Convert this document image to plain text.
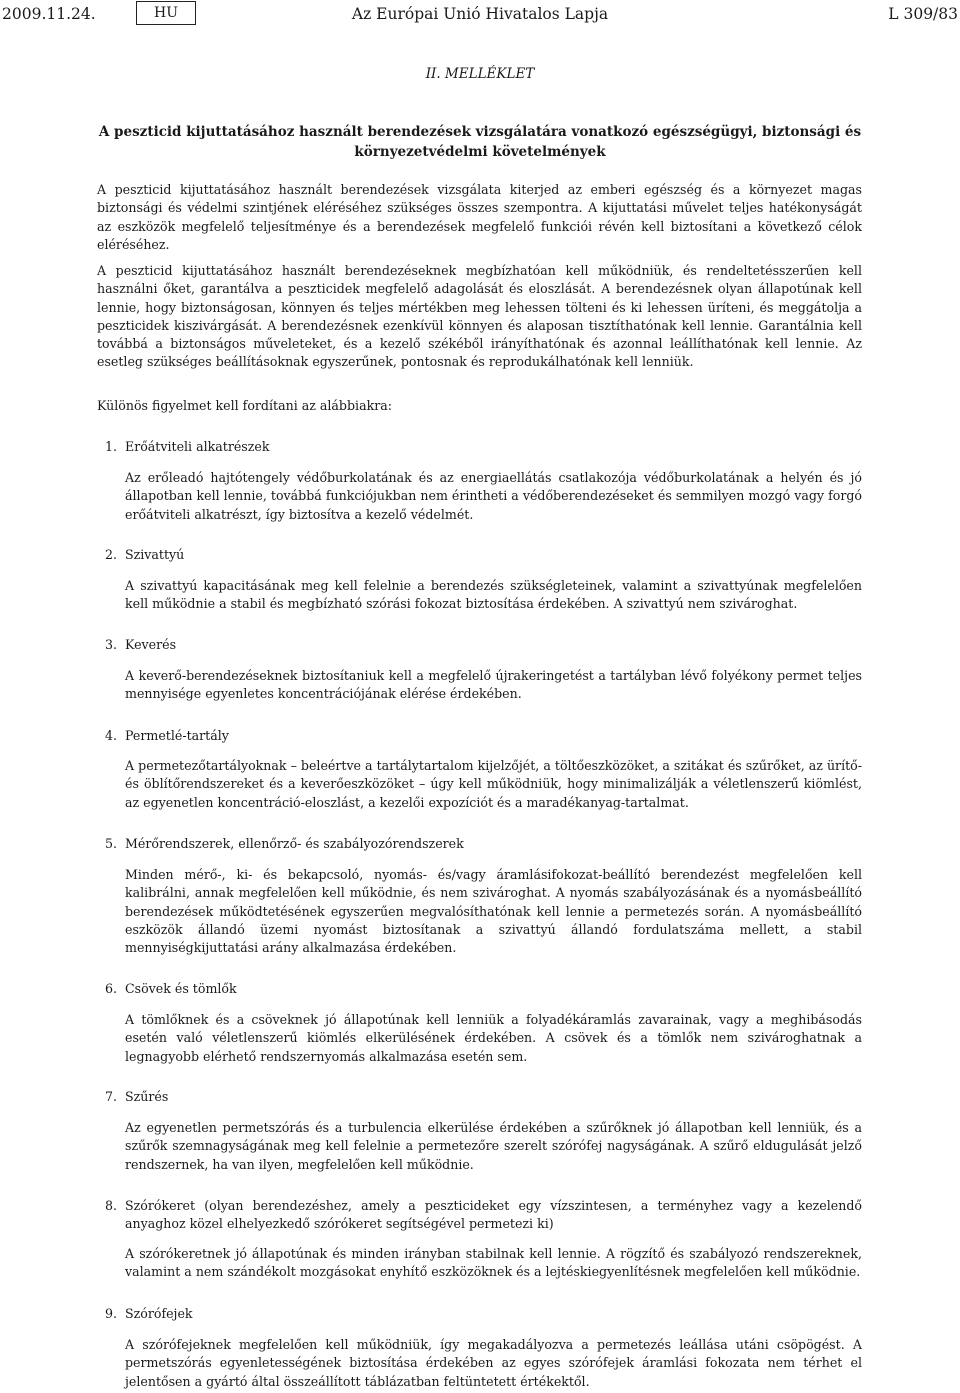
2009.11.24.	HU	Az Európai Unió Hivatalos Lapja	L 309/83
II. MELLÉKLET
A peszticid kijuttatásához használt berendezések vizsgálatára vonatkozó egészségügyi, biztonsági és környezetvédelmi követelmények
A peszticid kijuttatásához használt berendezések vizsgálata kiterjed az emberi egészség és a környezet magas biztonsági és védelmi szintjének eléréséhez szükséges összes szempontra. A kijuttatási művelet teljes hatékonyságát az eszközök megfelelő teljesítménye és a berendezések megfelelő funkciói révén kell biztosítani a következő célok eléréséhez.
A peszticid kijuttatásához használt berendezéseknek megbízhatóan kell működniük, és rendeltetésszerűen kell használni őket, garantálva a peszticidek megfelelő adagolását és eloszlását. A berendezésnek olyan állapotúnak kell lennie, hogy biztonságosan, könnyen és teljes mértékben meg lehessen tölteni és ki lehessen üríteni, és meggátolja a peszticidek kiszivárgását. A berendezésnek ezenkívül könnyen és alaposan tisztíthatónak kell lennie. Garantálnia kell továbbá a biztonságos műveleteket, és a kezelő székéből irányíthatónak és azonnal leállíthatónak kell lennie. Az esetleg szükséges beállításoknak egyszerűnek, pontosnak és reprodukálhatónak kell lenniük.
Különös figyelmet kell fordítani az alábbiakra:
1. Erőátviteli alkatrészek
Az erőleadó hajtótengely védőburkolatának és az energiaellátás csatlakozója védőburkolatának a helyén és jó állapotban kell lennie, továbbá funkciójukban nem érintheti a védőberendezéseket és semmilyen mozgó vagy forgó erőátviteli alkatrészt, így biztosítva a kezelő védelmét.
2. Szivattyú
A szivattyú kapacitásának meg kell felelnie a berendezés szükségleteinek, valamint a szivattyúnak megfelelően kell működnie a stabil és megbízható szórási fokozat biztosítása érdekében. A szivattyú nem szivároghat.
3. Keverés
A keverő-berendezéseknek biztosítaniuk kell a megfelelő újrakeringetést a tartályban lévő folyékony permet teljes mennyisége egyenletes koncentrációjának elérése érdekében.
4. Permetlé-tartály
A permetezőtartályoknak – beleértve a tartálytartalom kijelzőjét, a töltőeszközöket, a szitákat és szűrőket, az ürítő- és öblítőrendszereket és a keverőeszközöket – úgy kell működniük, hogy minimalizálják a véletlenszerű kiömlést, az egyenetlen koncentráció-eloszlást, a kezelői expozíciót és a maradékanyag-tartalmat.
5. Mérőrendszerek, ellenőrző- és szabályozórendszerek
Minden mérő-, ki- és bekapcsoló, nyomás- és/vagy áramlásifokozat-beállító berendezést megfelelően kell kalibrálni, annak megfelelően kell működnie, és nem szivároghat. A nyomás szabályozásának és a nyomásbeállító berendezések működtetésének egyszerűen megvalósíthatónak kell lennie a permetezés során. A nyomásbeállító eszközök állandó üzemi nyomást biztosítanak a szivattyú állandó fordulatszáma mellett, a stabil mennyiségkijuttatási arány alkalmazása érdekében.
6. Csövek és tömlők
A tömlőknek és a csöveknek jó állapotúnak kell lenniük a folyadékáramlás zavarainak, vagy a meghibásodás esetén való véletlenszerű kiömlés elkerülésének érdekében. A csövek és a tömlők nem szivároghatnak a legnagyobb elérhető rendszernyomás alkalmazása esetén sem.
7. Szűrés
Az egyenetlen permetszórás és a turbulencia elkerülése érdekében a szűrőknek jó állapotban kell lenniük, és a szűrők szemnagyságának meg kell felelnie a permetezőre szerelt szórófej nagyságának. A szűrő eldugulását jelző rendszernek, ha van ilyen, megfelelően kell működnie.
8. Szórókeret (olyan berendezéshez, amely a peszticideket egy vízszintesen, a terményhez vagy a kezelendő anyaghoz közel elhelyezkedő szórókeret segítségével permetezi ki)
A szórókeretnek jó állapotúnak és minden irányban stabilnak kell lennie. A rögzítő és szabályozó rendszereknek, valamint a nem szándékolt mozgásokat enyhítő eszközöknek és a lejtéskiegyenlítésnek megfelelően kell működnie.
9. Szórófejek
A szórófejeknek megfelelően kell működniük, így megakadályozva a permetezés leállása utáni csöpögést. A permetszórás egyenletességének biztosítása érdekében az egyes szórófejek áramlási fokozata nem térhet el jelentősen a gyártó által összeállított táblázatban feltüntetett értékektől.
